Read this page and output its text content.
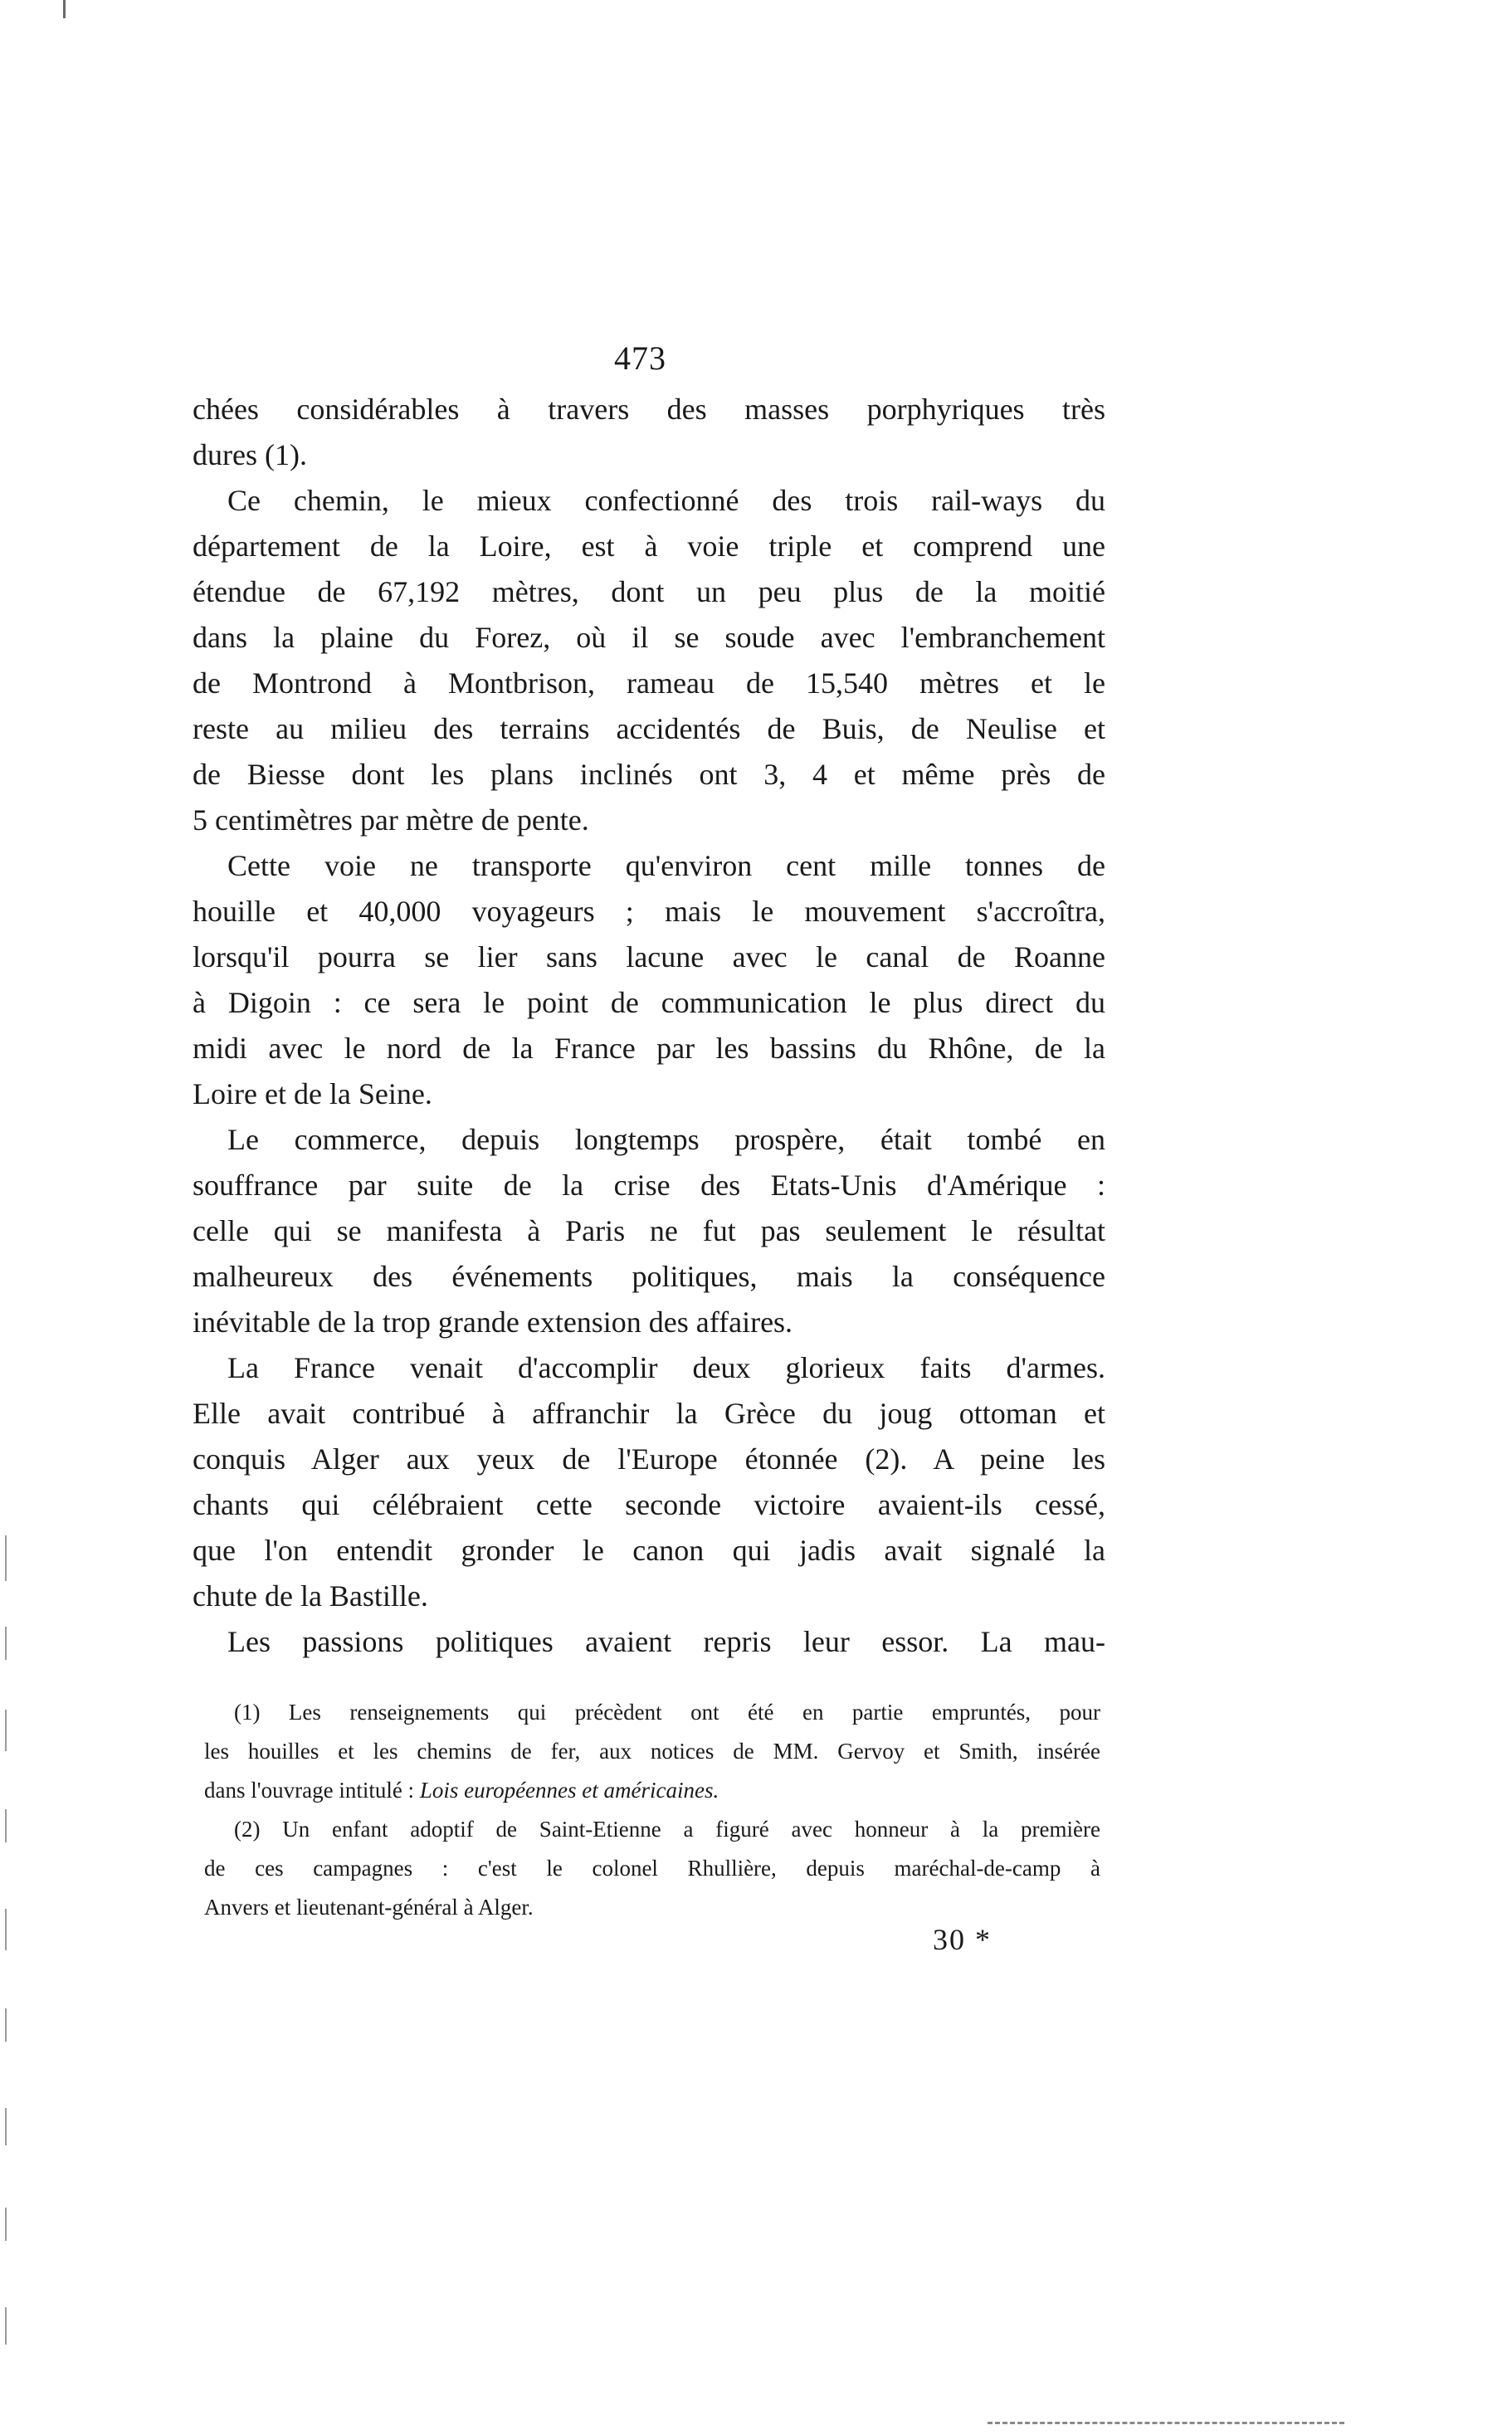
473
chées considérables à travers des masses porphyriques très
dures (1).
Ce chemin, le mieux confectionné des trois rail-ways du
département de la Loire, est à voie triple et comprend une
étendue de 67,192 mètres, dont un peu plus de la moitié
dans la plaine du Forez, où il se soude avec l'embranchement
de Montrond à Montbrison, rameau de 15,540 mètres et le
reste au milieu des terrains accidentés de Buis, de Neulise et
de Biesse dont les plans inclinés ont 3, 4 et même près de
5 centimètres par mètre de pente.
Cette voie ne transporte qu'environ cent mille tonnes de
houille et 40,000 voyageurs ; mais le mouvement s'accroîtra,
lorsqu'il pourra se lier sans lacune avec le canal de Roanne
à Digoin : ce sera le point de communication le plus direct du
midi avec le nord de la France par les bassins du Rhône, de la
Loire et de la Seine.
Le commerce, depuis longtemps prospère, était tombé en
souffrance par suite de la crise des Etats-Unis d'Amérique :
celle qui se manifesta à Paris ne fut pas seulement le résultat
malheureux des événements politiques, mais la conséquence
inévitable de la trop grande extension des affaires.
La France venait d'accomplir deux glorieux faits d'armes.
Elle avait contribué à affranchir la Grèce du joug ottoman et
conquis Alger aux yeux de l'Europe étonnée (2). A peine les
chants qui célébraient cette seconde victoire avaient-ils cessé,
que l'on entendit gronder le canon qui jadis avait signalé la
chute de la Bastille.
Les passions politiques avaient repris leur essor. La mau-
(1) Les renseignements qui précèdent ont été en partie empruntés, pour
les houilles et les chemins de fer, aux notices de MM. Gervoy et Smith, insérée
dans l'ouvrage intitulé : Lois européennes et américaines.
(2) Un enfant adoptif de Saint-Etienne a figuré avec honneur à la première
de ces campagnes : c'est le colonel Rhullière, depuis maréchal-de-camp à
Anvers et lieutenant-général à Alger.
30 *
